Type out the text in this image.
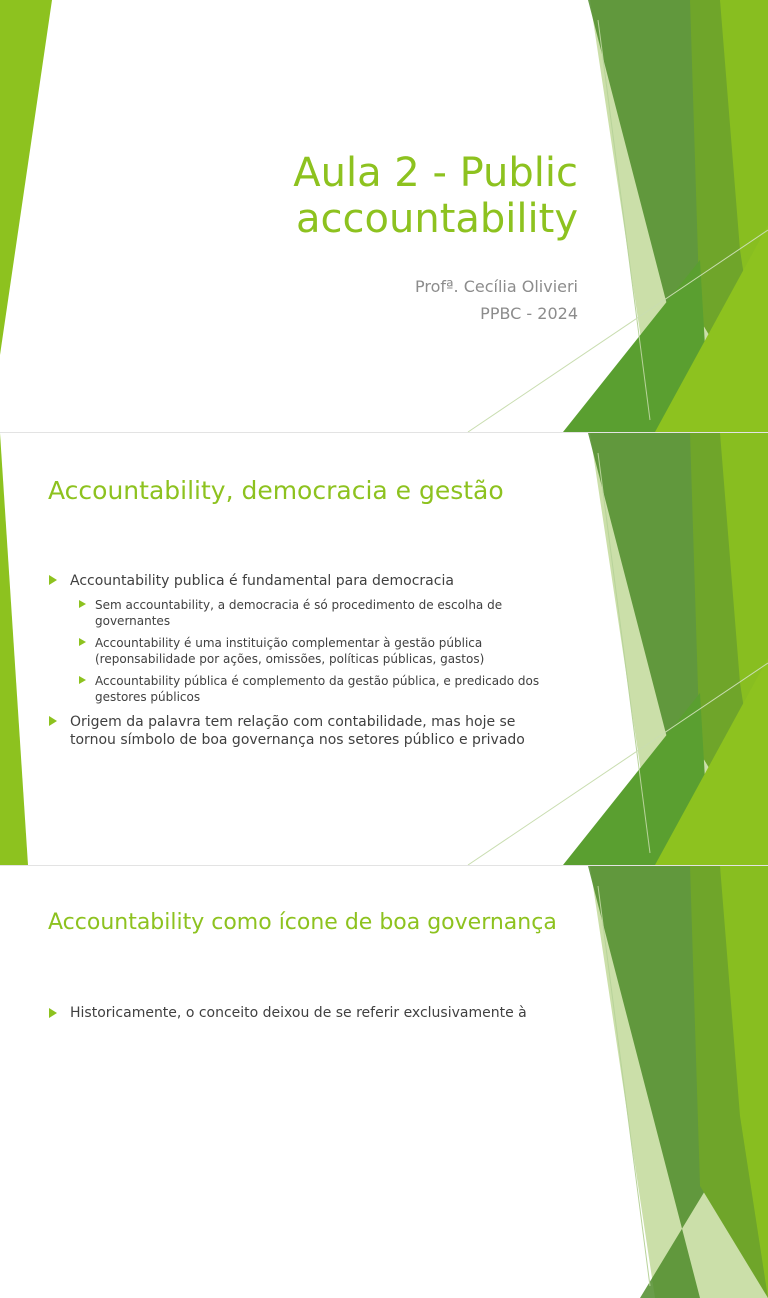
Aula 2 - Public
accountability
Profª. Cecília Olivieri
PPBC - 2024
Accountability, democracia e gestão
Accountability publica é fundamental para democracia
Sem accountability, a democracia é só procedimento de escolha de
governantes
Accountability é uma instituição complementar à gestão pública
(reponsabilidade por ações, omissões, políticas públicas, gastos)
Accountability pública é complemento da gestão pública, e predicado dos
gestores públicos
Origem da palavra tem relação com contabilidade, mas hoje se
tornou símbolo de boa governança nos setores público e privado
Accountability como ícone de boa governança
Historicamente, o conceito deixou de se referir exclusivamente à
